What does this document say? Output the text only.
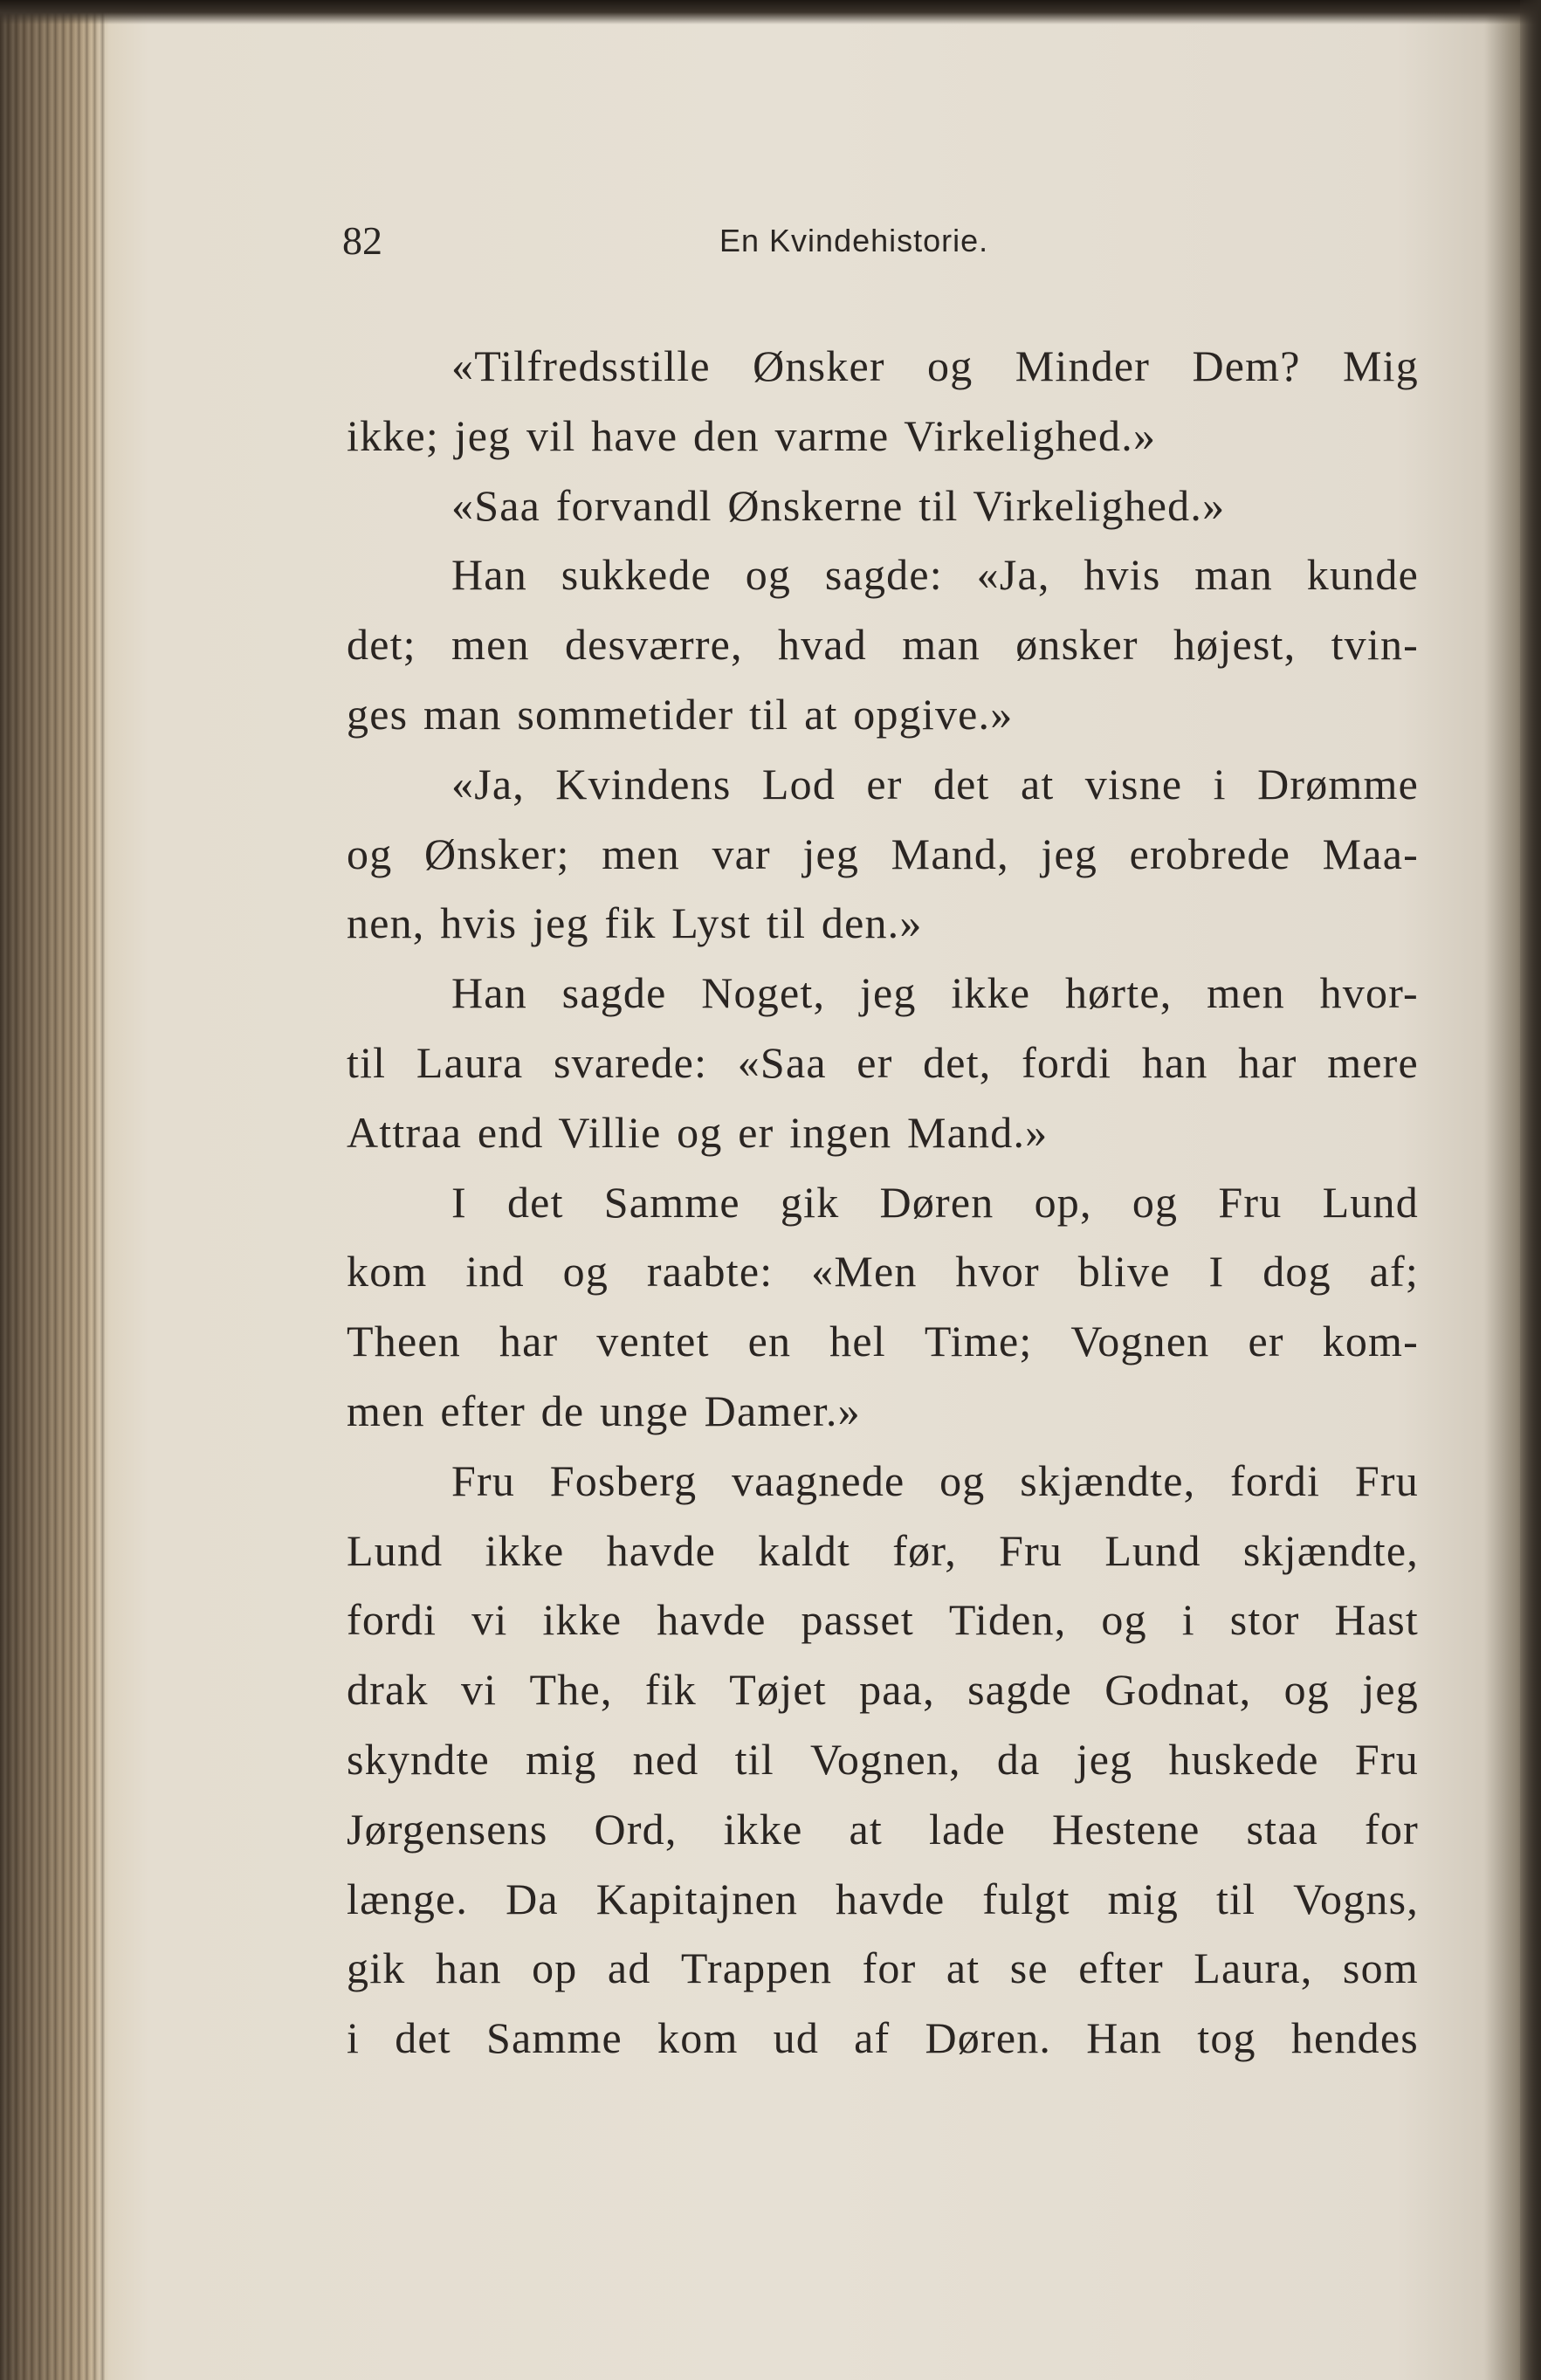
82	En Kvindehistorie.
«Tilfredsstille Ønsker og Minder Dem? Mig
ikke; jeg vil have den varme Virkelighed.»
«Saa forvandl Ønskerne til Virkelighed.»
Han sukkede og sagde: «Ja, hvis man kunde
det; men desværre, hvad man ønsker højest, tvin-
ges man sommetider til at opgive.»
«Ja, Kvindens Lod er det at visne i Drømme
og Ønsker; men var jeg Mand, jeg erobrede Maa-
nen, hvis jeg fik Lyst til den.»
Han sagde Noget, jeg ikke hørte, men hvor-
til Laura svarede: «Saa er det, fordi han har mere
Attraa end Villie og er ingen Mand.»
I det Samme gik Døren op, og Fru Lund
kom ind og raabte: «Men hvor blive I dog af;
Theen har ventet en hel Time; Vognen er kom-
men efter de unge Damer.»
Fru Fosberg vaagnede og skjændte, fordi Fru
Lund ikke havde kaldt før, Fru Lund skjændte,
fordi vi ikke havde passet Tiden, og i stor Hast
drak vi The, fik Tøjet paa, sagde Godnat, og jeg
skyndte mig ned til Vognen, da jeg huskede Fru
Jørgensens Ord, ikke at lade Hestene staa for
længe. Da Kapitajnen havde fulgt mig til Vogns,
gik han op ad Trappen for at se efter Laura, som
i det Samme kom ud af Døren. Han tog hendes
